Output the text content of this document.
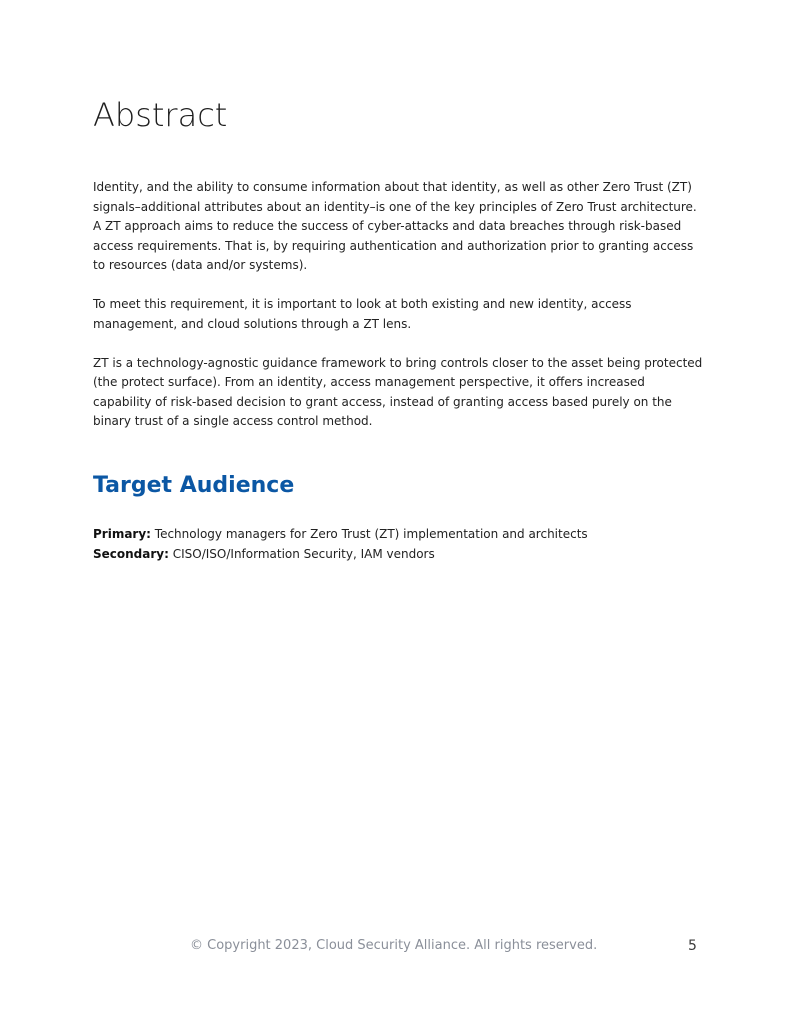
Abstract

Identity, and the ability to consume information about that identity, as well as other Zero Trust (ZT) signals–additional attributes about an identity–is one of the key principles of Zero Trust architecture. A ZT approach aims to reduce the success of cyber-attacks and data breaches through risk-based access requirements. That is, by requiring authentication and authorization prior to granting access to resources (data and/or systems).

To meet this requirement, it is important to look at both existing and new identity, access management, and cloud solutions through a ZT lens.

ZT is a technology-agnostic guidance framework to bring controls closer to the asset being protected (the protect surface). From an identity, access management perspective, it offers increased capability of risk-based decision to grant access, instead of granting access based purely on the binary trust of a single access control method.

Target Audience

Primary: Technology managers for Zero Trust (ZT) implementation and architects

Secondary: CISO/ISO/Information Security, IAM vendors

© Copyright 2023, Cloud Security Alliance. All rights reserved.	5
